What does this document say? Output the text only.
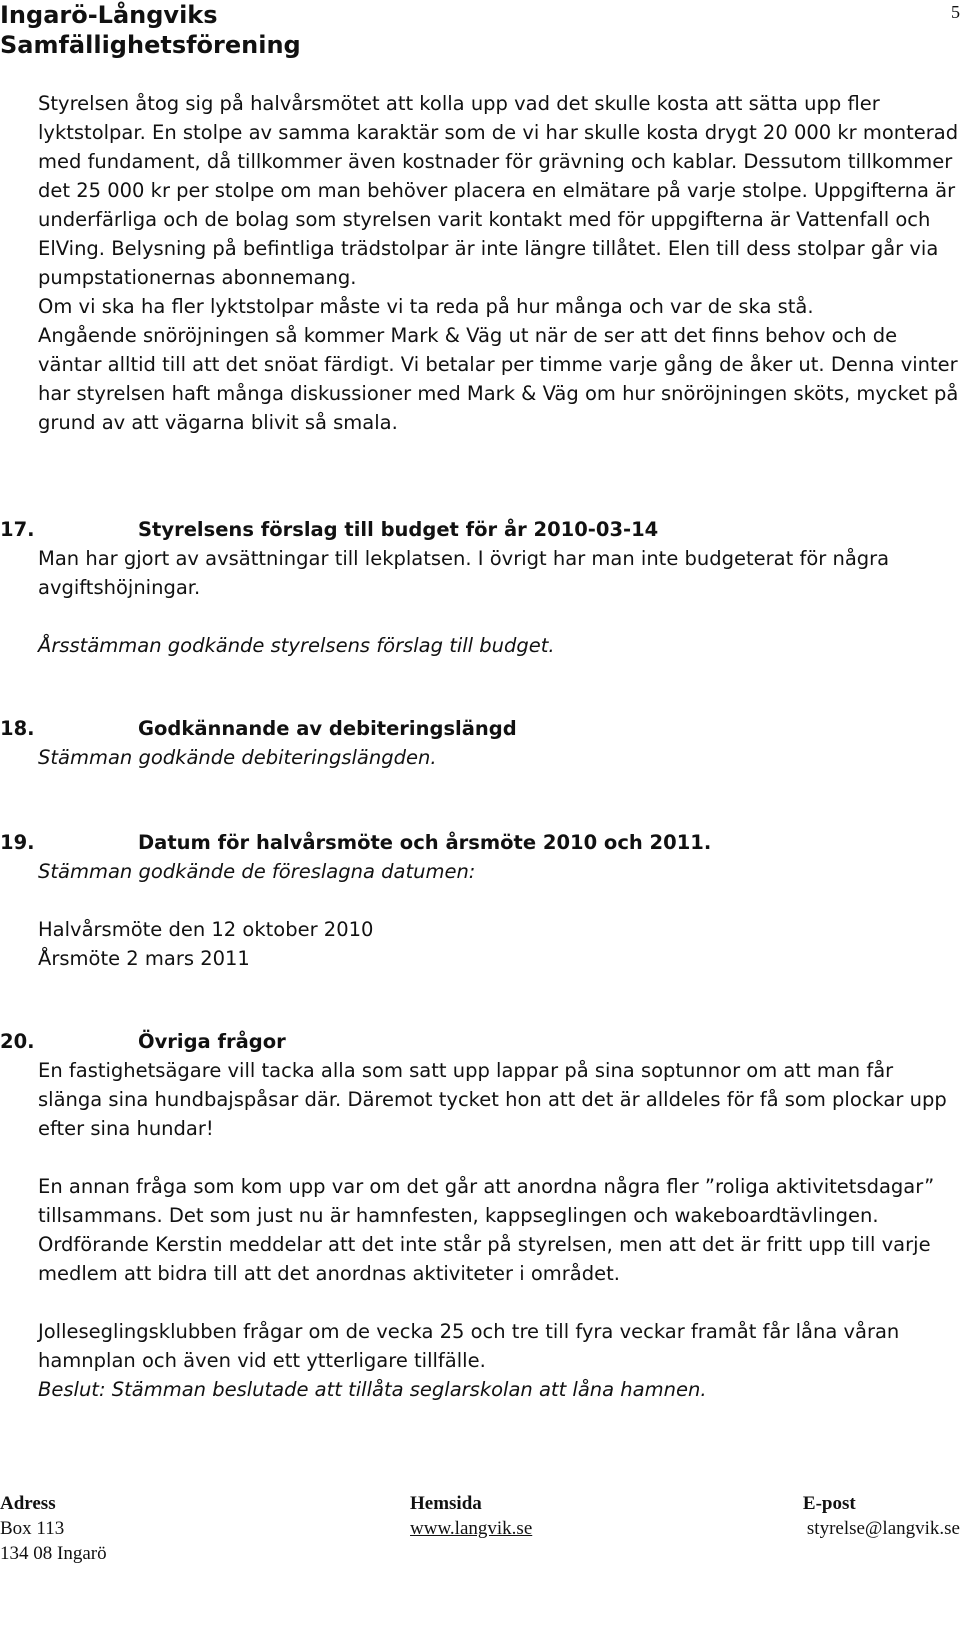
Ingarö-Långviks
Samfällighetsförening
5

Styrelsen åtog sig på halvårsmötet att kolla upp vad det skulle kosta att sätta upp fler lyktstolpar. En stolpe av samma karaktär som de vi har skulle kosta drygt 20 000 kr monterad med fundament, då tillkommer även kostnader för grävning och kablar. Dessutom tillkommer det 25 000 kr per stolpe om man behöver placera en elmätare på varje stolpe. Uppgifterna är underfärliga och de bolag som styrelsen varit kontakt med för uppgifterna är Vattenfall och ElVing. Belysning på befintliga trädstolpar är inte längre tillåtet. Elen till dess stolpar går via pumpstationernas abonnemang.

Om vi ska ha fler lyktstolpar måste vi ta reda på hur många och var de ska stå.

Angående snöröjningen så kommer Mark & Väg ut när de ser att det finns behov och de väntar alltid till att det snöat färdigt. Vi betalar per timme varje gång de åker ut. Denna vinter har styrelsen haft många diskussioner med Mark & Väg om hur snöröjningen sköts, mycket på grund av att vägarna blivit så smala.

17.	Styrelsens förslag till budget för år 2010-03-14

Man har gjort av avsättningar till lekplatsen. I övrigt har man inte budgeterat för några avgiftshöjningar.

Årsstämman godkände styrelsens förslag till budget.

18.	Godkännande av debiteringslängd

Stämman godkände debiteringslängden.

19.	Datum för halvårsmöte och årsmöte 2010 och 2011.

Stämman godkände de föreslagna datumen:

Halvårsmöte den 12 oktober 2010

Årsmöte 2 mars 2011

20.	Övriga frågor

En fastighetsägare vill tacka alla som satt upp lappar på sina soptunnor om att man får slänga sina hundbajspåsar där. Däremot tycket hon att det är alldeles för få som plockar upp efter sina hundar!

En annan fråga som kom upp var om det går att anordna några fler ”roliga aktivitetsdagar” tillsammans. Det som just nu är hamnfesten, kappseglingen och wakeboardtävlingen. Ordförande Kerstin meddelar att det inte står på styrelsen, men att det är fritt upp till varje medlem att bidra till att det anordnas aktiviteter i området.

Jolleseglingsklubben frågar om de vecka 25 och tre till fyra veckar framåt får låna våran hamnplan och även vid ett ytterligare tillfälle.

Beslut: Stämman beslutade att tillåta seglarskolan att låna hamnen.

Adress
Box 113
134 08 Ingarö
Hemsida
www.langvik.se
E-post
styrelse@langvik.se
